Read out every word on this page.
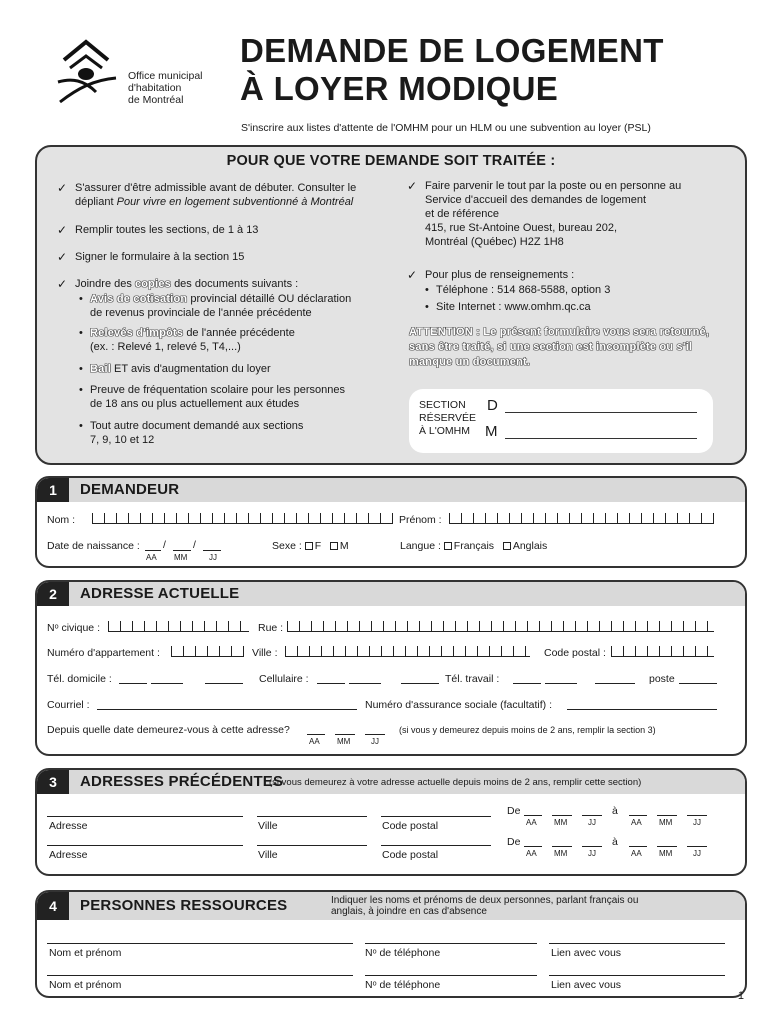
Office municipal
d'habitation
de Montréal
DEMANDE DE LOGEMENT
À LOYER MODIQUE
S'inscrire aux listes d'attente de l'OMHM pour un HLM ou une subvention au loyer (PSL)
POUR QUE VOTRE DEMANDE SOIT TRAITÉE :
✓ S'assurer d'être admissible avant de débuter. Consulter le
dépliant Pour vivre en logement subventionné à Montréal
✓ Remplir toutes les sections, de 1 à 13
✓ Signer le formulaire à la section 15
✓ Joindre des copies des documents suivants :
• Avis de cotisation provincial détaillé OU déclaration
de revenus provinciale de l'année précédente
• Relevés d'impôts de l'année précédente
(ex. : Relevé 1, relevé 5, T4,...)
• Bail ET avis d'augmentation du loyer
• Preuve de fréquentation scolaire pour les personnes
de 18 ans ou plus actuellement aux études
• Tout autre document demandé aux sections
7, 9, 10 et 12
✓ Faire parvenir le tout par la poste ou en personne au
Service d'accueil des demandes de logement
et de référence
415, rue St-Antoine Ouest, bureau 202,
Montréal (Québec) H2Z 1H8
✓ Pour plus de renseignements :
• Téléphone : 514 868-5588, option 3
• Site Internet : www.omhm.qc.ca
ATTENTION : Le présent formulaire vous sera retourné,
sans être traité, si une section est incomplète ou s'il
manque un document.
SECTION
RÉSERVÉE
À L'OMHM
D
M
1	DEMANDEUR
Nom :	Prénom :
Date de naissance : /	/
AA MM	JJ
Sexe : F M	Langue : Français Anglais
2	ADRESSE ACTUELLE
Nᵒ civique :	Rue :
Numéro d'appartement :	Ville :	Code postal :
Tél. domicile :	Cellulaire :	Tél. travail :	poste
Courriel :	Numéro d'assurance sociale (facultatif) :
Depuis quelle date demeurez-vous à cette adresse?
AA MM	JJ
(si vous y demeurez depuis moins de 2 ans, remplir la section 3)
3	ADRESSES PRÉCÉDENTES
(si vous demeurez à votre adresse actuelle depuis moins de 2 ans, remplir cette section)
Adresse	Ville	Code postal
De	à
AA MM	JJ	AA MM	JJ
Adresse	Ville	Code postal
De	à
AA MM	JJ	AA MM	JJ
4	PERSONNES RESSOURCES	Indiquer les noms et prénoms de deux personnes, parlant français ou
anglais, à joindre en cas d'absence
Nom et prénom	Nᵒ de téléphone	Lien avec vous
Nom et prénom	Nᵒ de téléphone	Lien avec vous
1
